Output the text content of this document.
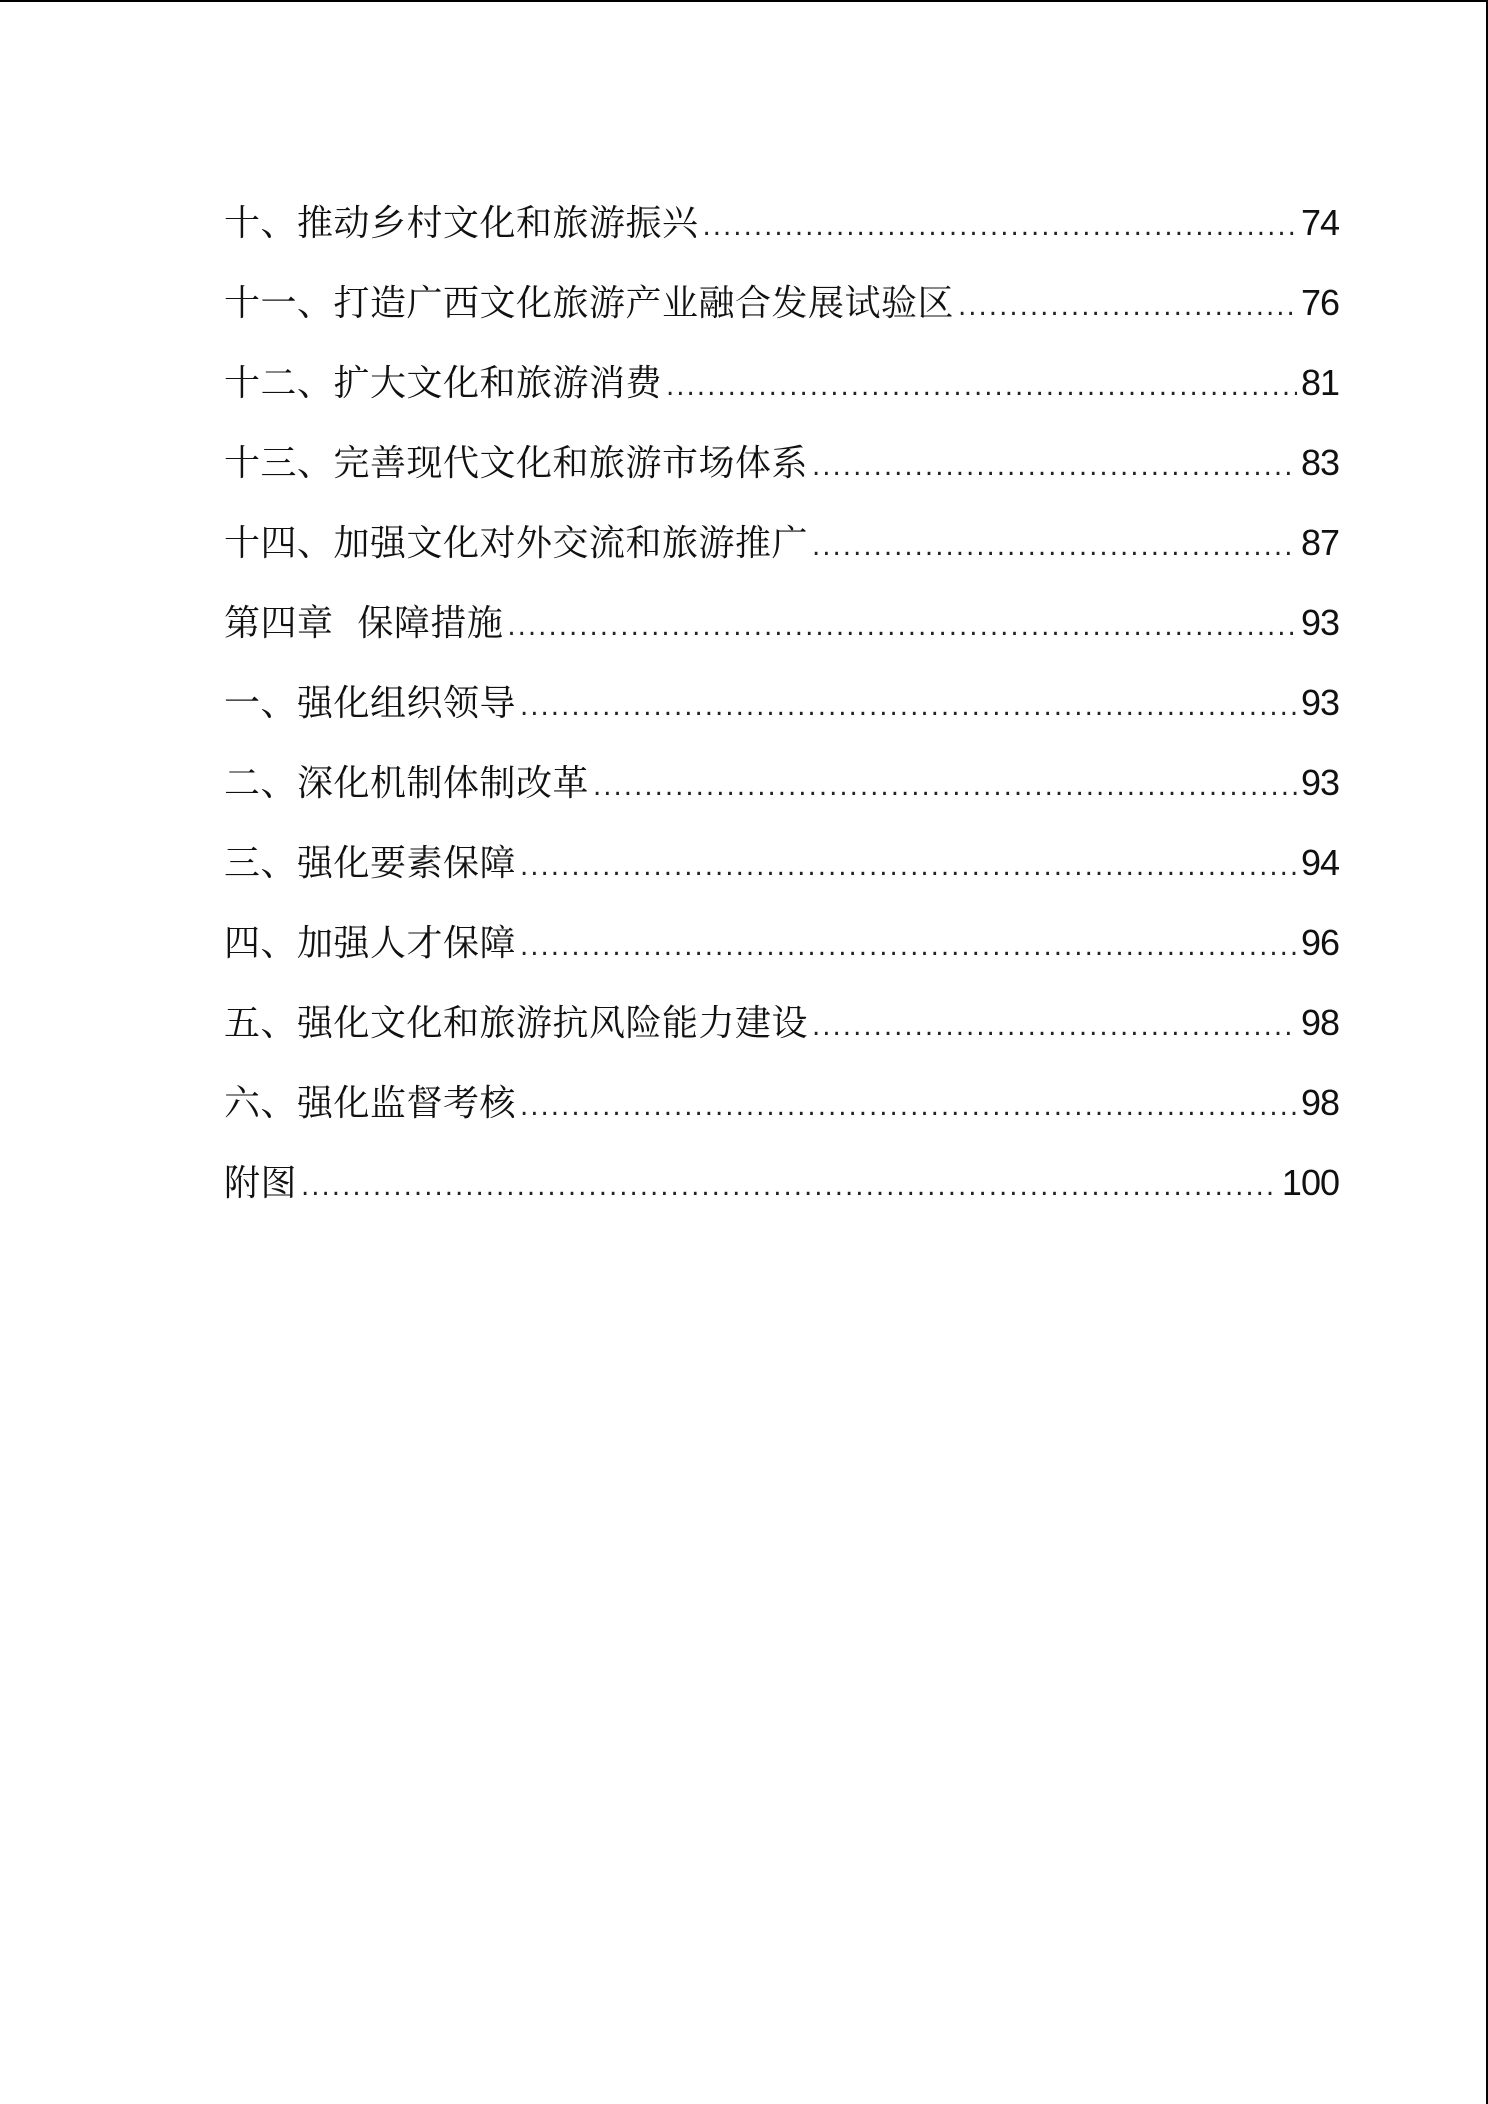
十、推动乡村文化和旅游振兴 .....	74
十一、打造广西文化旅游产业融合发展试验区 .....	76
十二、扩大文化和旅游消费 .....	81
十三、完善现代文化和旅游市场体系 .....	83
十四、加强文化对外交流和旅游推广 .....	87
第四章  保障措施 .....	93
一、强化组织领导 .....	93
二、深化机制体制改革 .....	93
三、强化要素保障 .....	94
四、加强人才保障 .....	96
五、强化文化和旅游抗风险能力建设 .....	98
六、强化监督考核 .....	98
附图 .....	100
